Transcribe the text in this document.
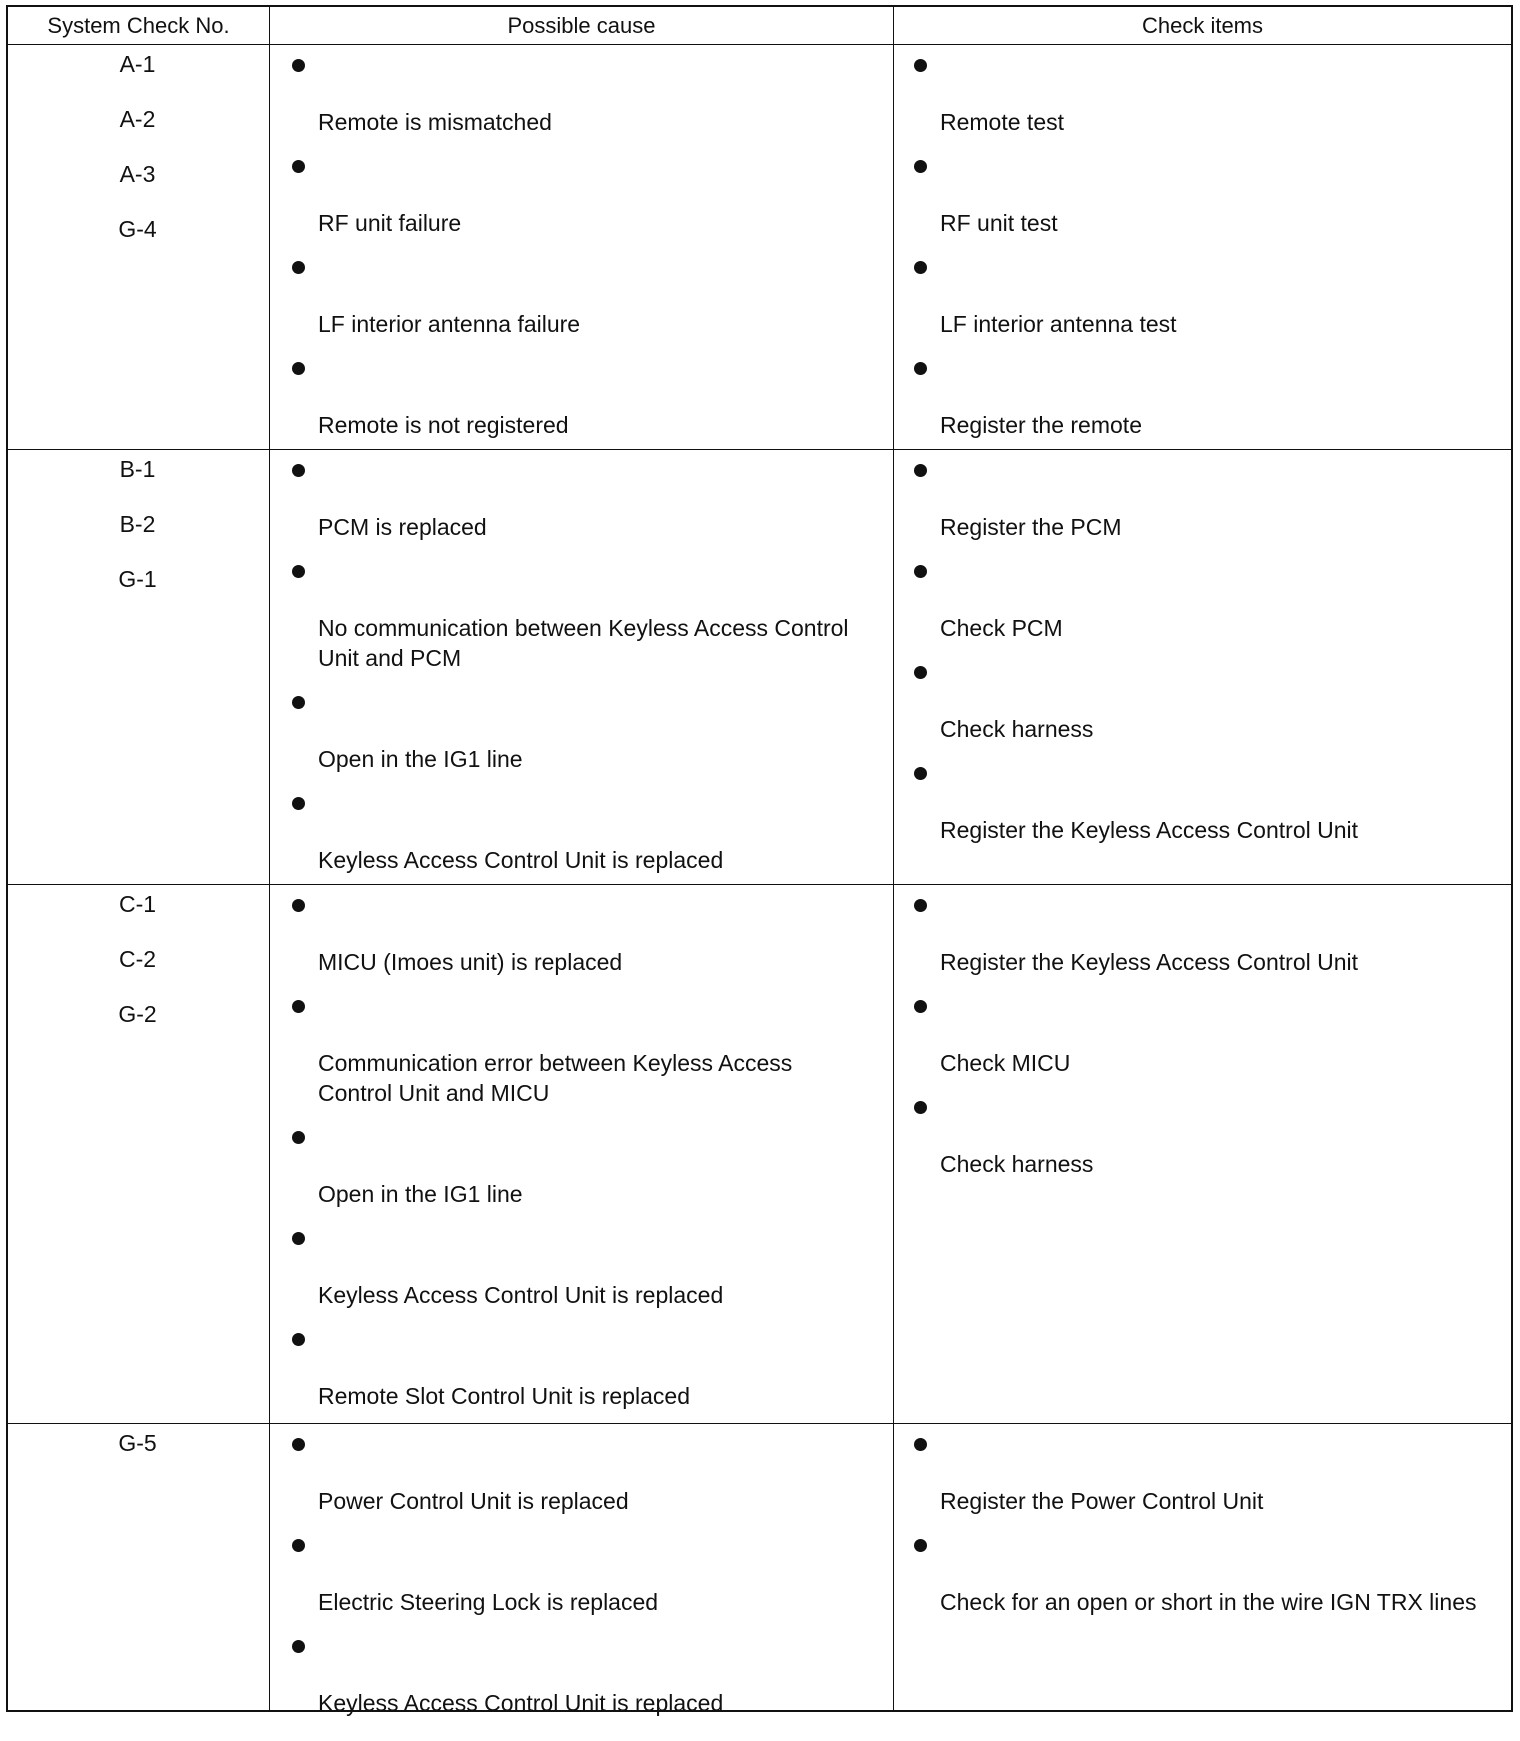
System Check No.	Possible cause	Check items
A-1
A-2
A-3
G-4
Remote is mismatched
RF unit failure
LF interior antenna failure
Remote is not registered
Remote test
RF unit test
LF interior antenna test
Register the remote
B-1
B-2
G-1
PCM is replaced
No communication between Keyless Access Control Unit and PCM
Open in the IG1 line
Keyless Access Control Unit is replaced
Register the PCM
Check PCM
Check harness
Register the Keyless Access Control Unit
C-1
C-2
G-2
MICU (Imoes unit) is replaced
Communication error between Keyless Access Control Unit and MICU
Open in the IG1 line
Keyless Access Control Unit is replaced
Remote Slot Control Unit is replaced
Register the Keyless Access Control Unit
Check MICU
Check harness
G-5
Power Control Unit is replaced
Electric Steering Lock is replaced
Keyless Access Control Unit is replaced
Register the Power Control Unit
Check for an open or short in the wire IGN TRX lines
